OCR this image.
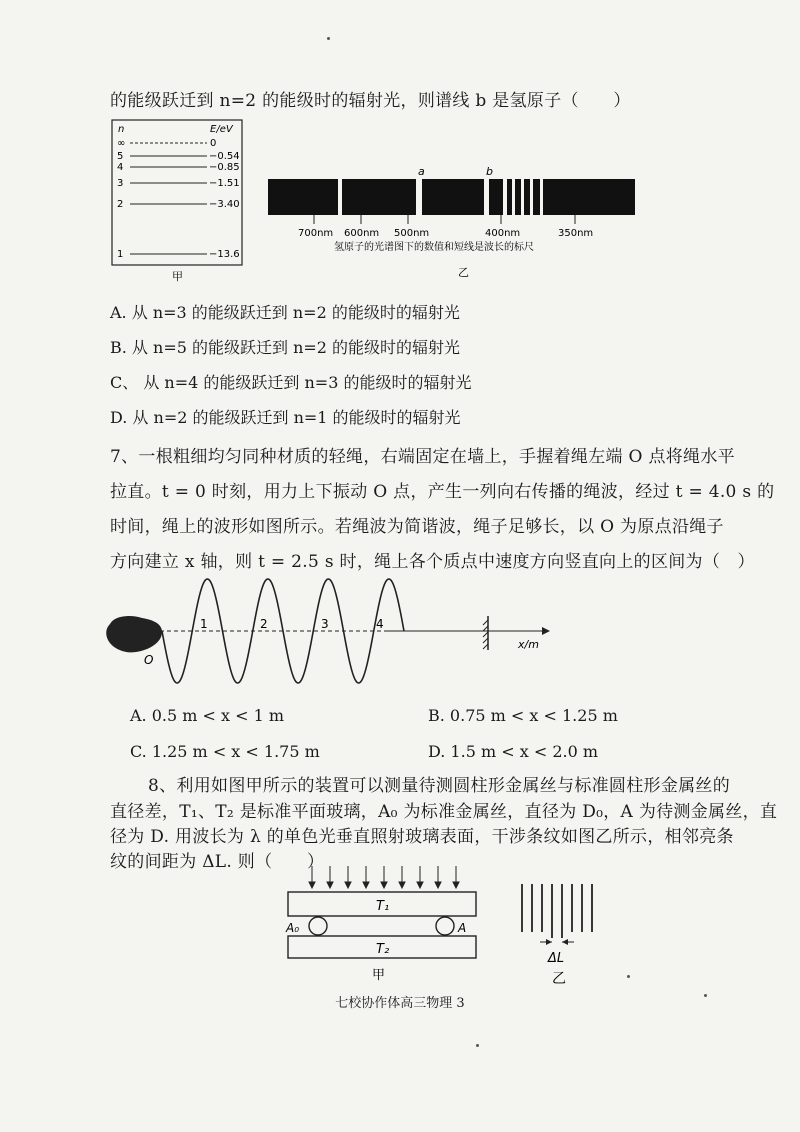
的能级跃迁到 n=2 的能级时的辐射光，则谱线 b 是氢原子（　　）
n	E/eV
∞	0
5	−0.54
4	−0.85
3	−1.51
2	−3.40
1	−13.6
甲
a	b
700nm 600nm 500nm	400nm	350nm
氢原子的光谱图下的数值和短线是波长的标尺
乙
A. 从 n=3 的能级跃迁到 n=2 的能级时的辐射光
B. 从 n=5 的能级跃迁到 n=2 的能级时的辐射光
C、 从 n=4 的能级跃迁到 n=3 的能级时的辐射光
D. 从 n=2 的能级跃迁到 n=1 的能级时的辐射光
7、一根粗细均匀同种材质的轻绳，右端固定在墙上，手握着绳左端 O 点将绳水平
拉直。t = 0 时刻，用力上下振动 O 点，产生一列向右传播的绳波，经过 t = 4.0 s 的
时间，绳上的波形如图所示。若绳波为简谐波，绳子足够长，以 O 为原点沿绳子
方向建立 x 轴，则 t = 2.5 s 时，绳上各个质点中速度方向竖直向上的区间为（　）
O
x/m
1	2	3	4
A. 0.5 m < x < 1 m	B. 0.75 m < x < 1.25 m
C. 1.25 m < x < 1.75 m	D. 1.5 m < x < 2.0 m
8、利用如图甲所示的装置可以测量待测圆柱形金属丝与标准圆柱形金属丝的
直径差，T₁、T₂ 是标准平面玻璃，A₀ 为标准金属丝，直径为 D₀，A 为待测金属丝，直
径为 D. 用波长为 λ 的单色光垂直照射玻璃表面，干涉条纹如图乙所示，相邻亮条
纹的间距为 ΔL. 则（　　）
T₁
A₀	A
T₂
甲
ΔL
乙
七校协作体高三物理 3
